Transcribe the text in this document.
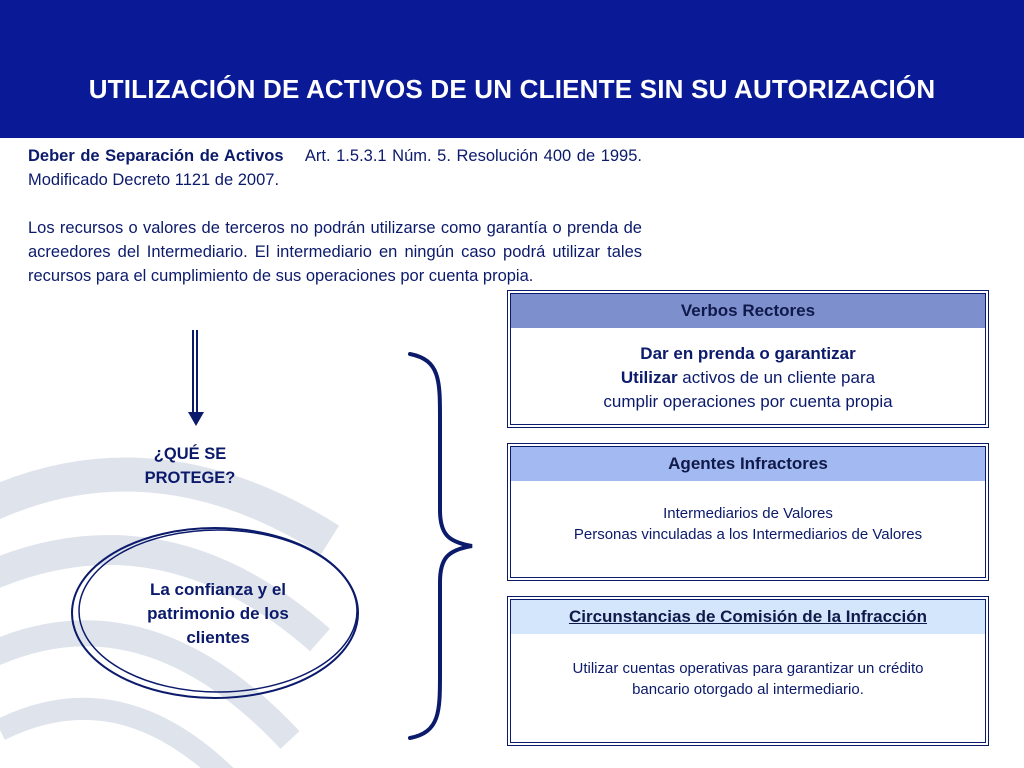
UTILIZACIÓN DE ACTIVOS DE UN CLIENTE SIN SU AUTORIZACIÓN

Deber de Separación de Activos Art. 1.5.3.1 Núm. 5. Resolución 400 de 1995. Modificado Decreto 1121 de 2007.

Los recursos o valores de terceros no podrán utilizarse como garantía o prenda de acreedores del Intermediario. El intermediario en ningún caso podrá utilizar tales recursos para el cumplimiento de sus operaciones por cuenta propia.

¿QUÉ SE
PROTEGE?
La confianza y el
patrimonio de los
clientes
Verbos Rectores
Dar en prenda o garantizar
Utilizar activos de un cliente para
cumplir operaciones por cuenta propia
Agentes Infractores
Intermediarios de Valores
Personas vinculadas a los Intermediarios de Valores
Circunstancias de Comisión de la Infracción
Utilizar cuentas operativas para garantizar un crédito
bancario otorgado al intermediario.
